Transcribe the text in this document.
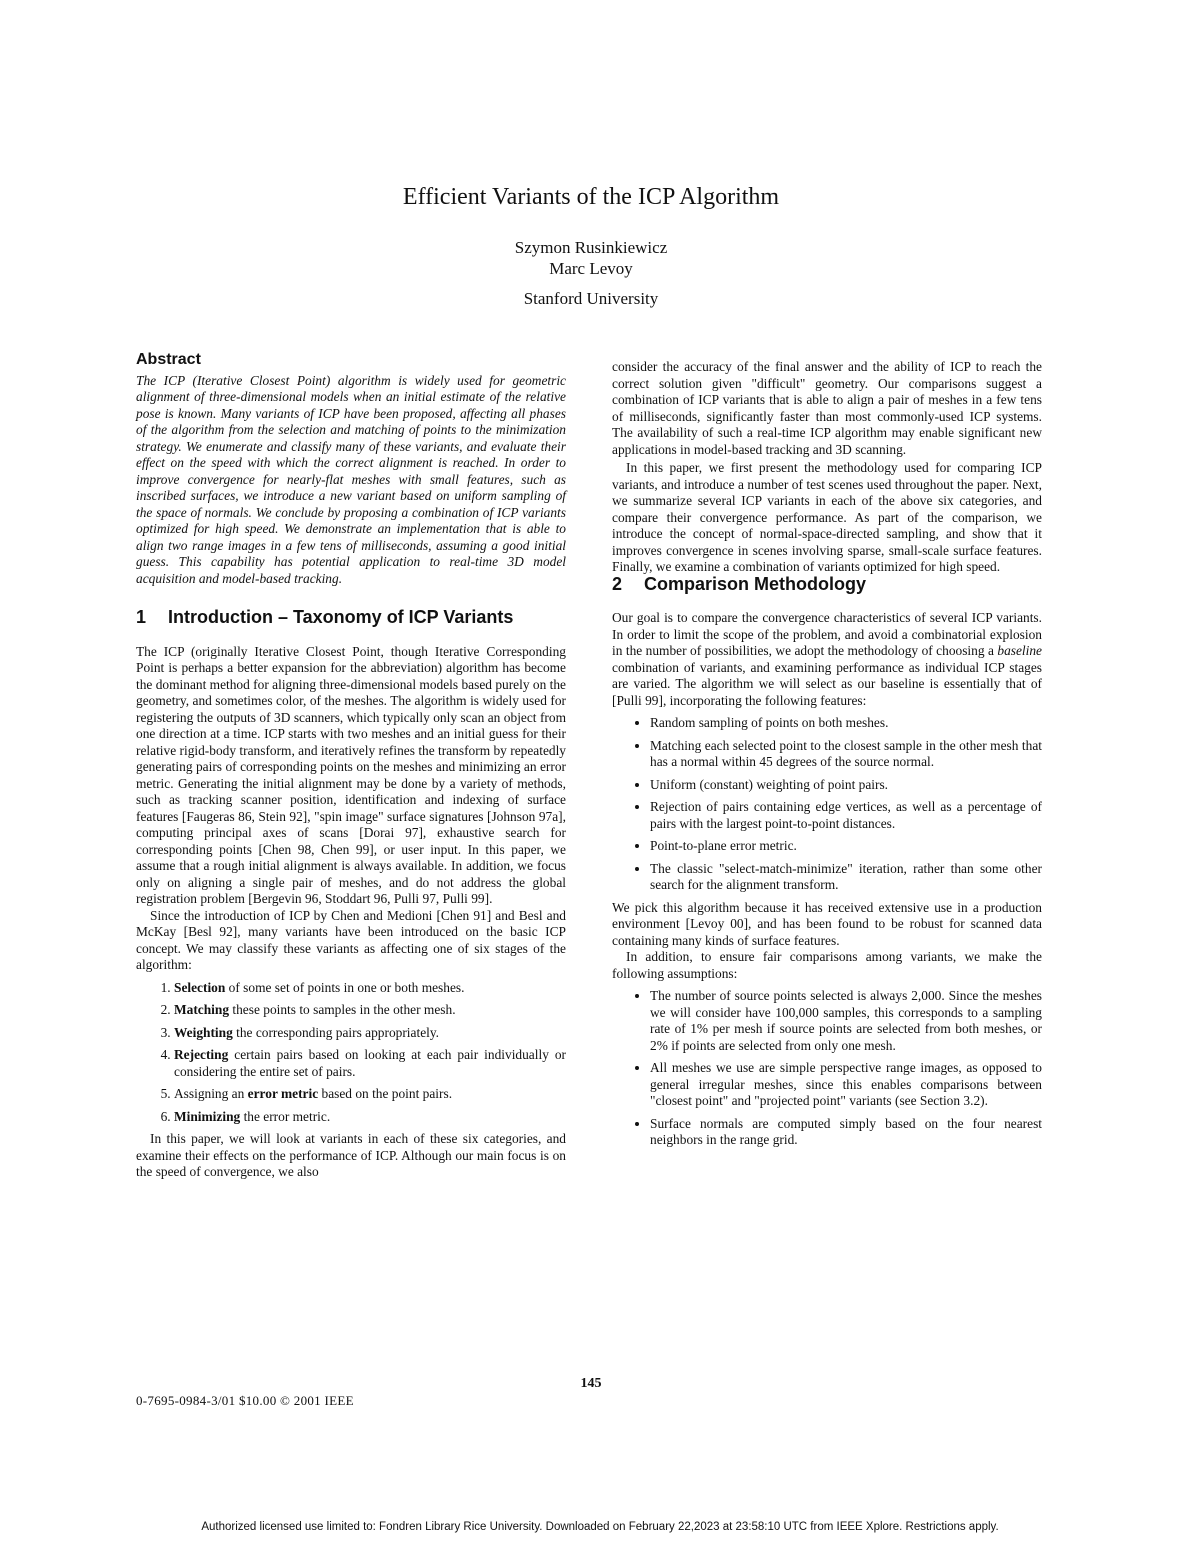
Efficient Variants of the ICP Algorithm
Szymon Rusinkiewicz
Marc Levoy
Stanford University
Abstract

The ICP (Iterative Closest Point) algorithm is widely used for geometric alignment of three-dimensional models when an initial estimate of the relative pose is known. Many variants of ICP have been proposed, affecting all phases of the algorithm from the selection and matching of points to the minimization strategy. We enumerate and classify many of these variants, and evaluate their effect on the speed with which the correct alignment is reached. In order to improve convergence for nearly-flat meshes with small features, such as inscribed surfaces, we introduce a new variant based on uniform sampling of the space of normals. We conclude by proposing a combination of ICP variants optimized for high speed. We demonstrate an implementation that is able to align two range images in a few tens of milliseconds, assuming a good initial guess. This capability has potential application to real-time 3D model acquisition and model-based tracking.

1 Introduction – Taxonomy of ICP Variants

The ICP (originally Iterative Closest Point, though Iterative Corresponding Point is perhaps a better expansion for the abbreviation) algorithm has become the dominant method for aligning three-dimensional models based purely on the geometry, and sometimes color, of the meshes. The algorithm is widely used for registering the outputs of 3D scanners, which typically only scan an object from one direction at a time. ICP starts with two meshes and an initial guess for their relative rigid-body transform, and iteratively refines the transform by repeatedly generating pairs of corresponding points on the meshes and minimizing an error metric. Generating the initial alignment may be done by a variety of methods, such as tracking scanner position, identification and indexing of surface features [Faugeras 86, Stein 92], "spin image" surface signatures [Johnson 97a], computing principal axes of scans [Dorai 97], exhaustive search for corresponding points [Chen 98, Chen 99], or user input. In this paper, we assume that a rough initial alignment is always available. In addition, we focus only on aligning a single pair of meshes, and do not address the global registration problem [Bergevin 96, Stoddart 96, Pulli 97, Pulli 99].

Since the introduction of ICP by Chen and Medioni [Chen 91] and Besl and McKay [Besl 92], many variants have been introduced on the basic ICP concept. We may classify these variants as affecting one of six stages of the algorithm:

1. Selection of some set of points in one or both meshes.
2. Matching these points to samples in the other mesh.
3. Weighting the corresponding pairs appropriately.
4. Rejecting certain pairs based on looking at each pair individually or considering the entire set of pairs.
5. Assigning an error metric based on the point pairs.
6. Minimizing the error metric.

In this paper, we will look at variants in each of these six categories, and examine their effects on the performance of ICP. Although our main focus is on the speed of convergence, we also

consider the accuracy of the final answer and the ability of ICP to reach the correct solution given "difficult" geometry. Our comparisons suggest a combination of ICP variants that is able to align a pair of meshes in a few tens of milliseconds, significantly faster than most commonly-used ICP systems. The availability of such a real-time ICP algorithm may enable significant new applications in model-based tracking and 3D scanning.

In this paper, we first present the methodology used for comparing ICP variants, and introduce a number of test scenes used throughout the paper. Next, we summarize several ICP variants in each of the above six categories, and compare their convergence performance. As part of the comparison, we introduce the concept of normal-space-directed sampling, and show that it improves convergence in scenes involving sparse, small-scale surface features. Finally, we examine a combination of variants optimized for high speed.

2 Comparison Methodology

Our goal is to compare the convergence characteristics of several ICP variants. In order to limit the scope of the problem, and avoid a combinatorial explosion in the number of possibilities, we adopt the methodology of choosing a baseline combination of variants, and examining performance as individual ICP stages are varied. The algorithm we will select as our baseline is essentially that of [Pulli 99], incorporating the following features:

• Random sampling of points on both meshes.
• Matching each selected point to the closest sample in the other mesh that has a normal within 45 degrees of the source normal.
• Uniform (constant) weighting of point pairs.
• Rejection of pairs containing edge vertices, as well as a percentage of pairs with the largest point-to-point distances.
• Point-to-plane error metric.
• The classic "select-match-minimize" iteration, rather than some other search for the alignment transform.

We pick this algorithm because it has received extensive use in a production environment [Levoy 00], and has been found to be robust for scanned data containing many kinds of surface features.

In addition, to ensure fair comparisons among variants, we make the following assumptions:

• The number of source points selected is always 2,000. Since the meshes we will consider have 100,000 samples, this corresponds to a sampling rate of 1% per mesh if source points are selected from both meshes, or 2% if points are selected from only one mesh.
• All meshes we use are simple perspective range images, as opposed to general irregular meshes, since this enables comparisons between "closest point" and "projected point" variants (see Section 3.2).
• Surface normals are computed simply based on the four nearest neighbors in the range grid.
145
0-7695-0984-3/01 $10.00 © 2001 IEEE
Authorized licensed use limited to: Fondren Library Rice University. Downloaded on February 22,2023 at 23:58:10 UTC from IEEE Xplore. Restrictions apply.
